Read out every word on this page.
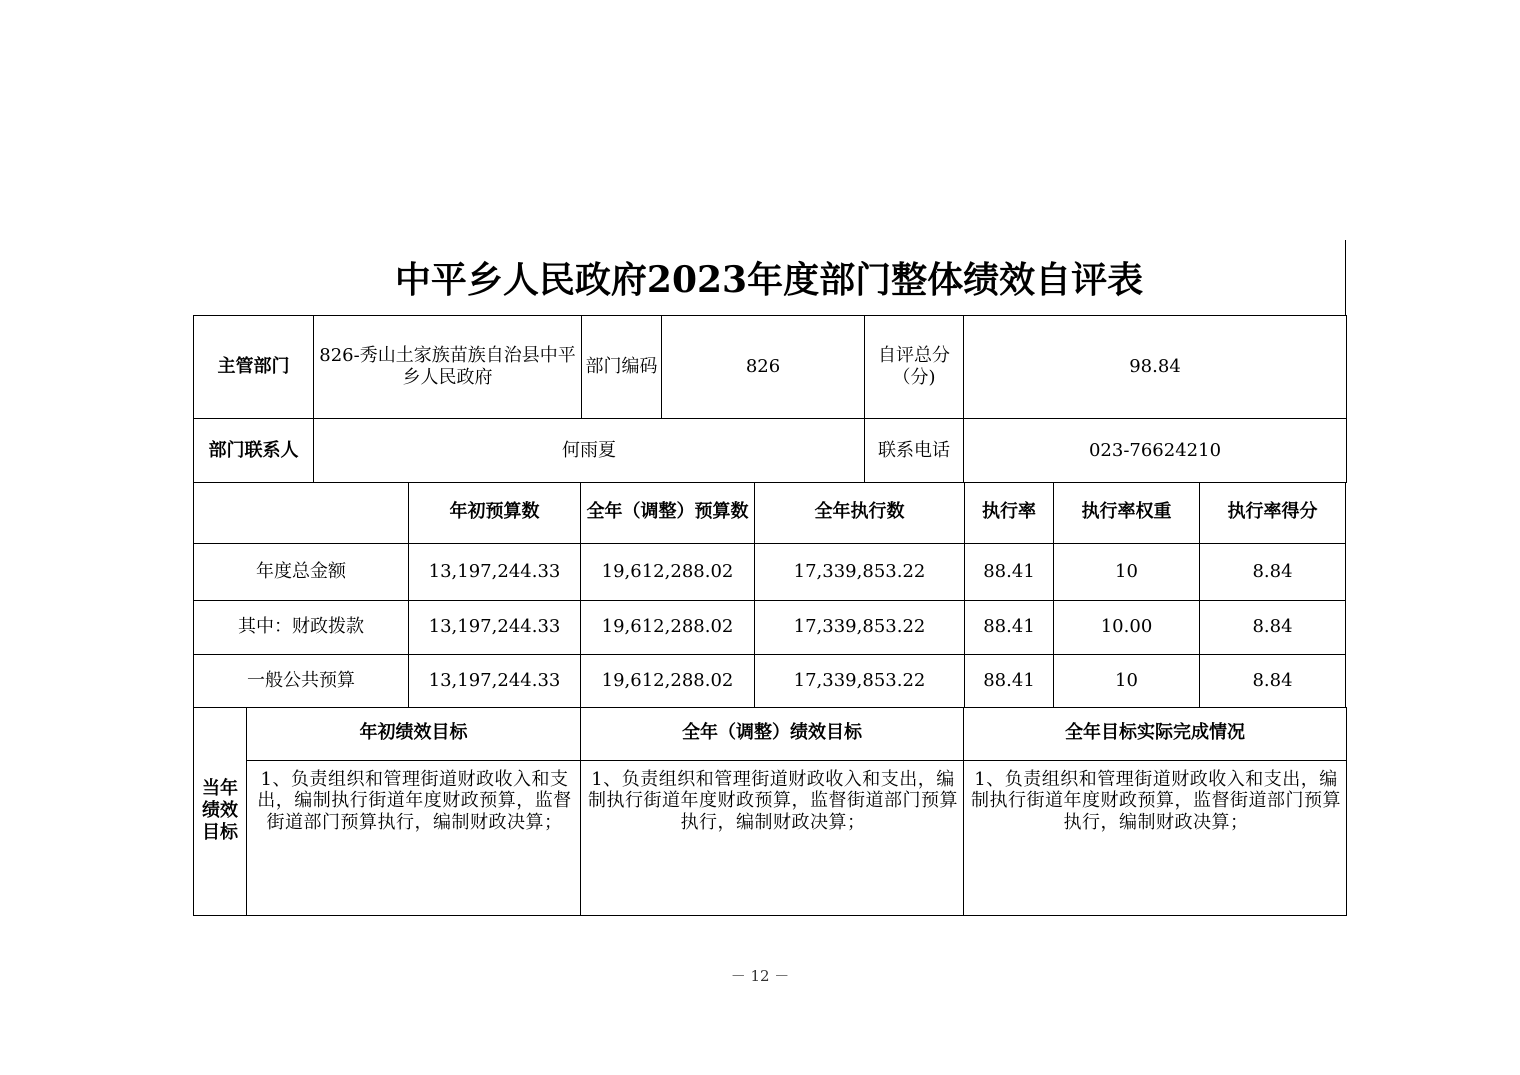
中平乡人民政府2023年度部门整体绩效自评表
主管部门	826-秀山土家族苗族自治县中平乡人民政府	部门编码	826	自评总分（分)	98.84
部门联系人	何雨夏			联系电话	023-76624210
	年初预算数	全年（调整）预算数	全年执行数	执行率	执行率权重	执行率得分
年度总金额	13,197,244.33	19,612,288.02	17,339,853.22	88.41	10	8.84
其中：财政拨款	13,197,244.33	19,612,288.02	17,339,853.22	88.41	10.00	8.84
一般公共预算	13,197,244.33	19,612,288.02	17,339,853.22	88.41	10	8.84
当年绩效目标	年初绩效目标	全年（调整）绩效目标	全年目标实际完成情况
	1、负责组织和管理街道财政收入和支出，编制执行街道年度财政预算，监督街道部门预算执行，编制财政决算；	1、负责组织和管理街道财政收入和支出，编制执行街道年度财政预算，监督街道部门预算执行，编制财政决算；	1、负责组织和管理街道财政收入和支出，编制执行街道年度财政预算，监督街道部门预算执行，编制财政决算；
－ 12 －
